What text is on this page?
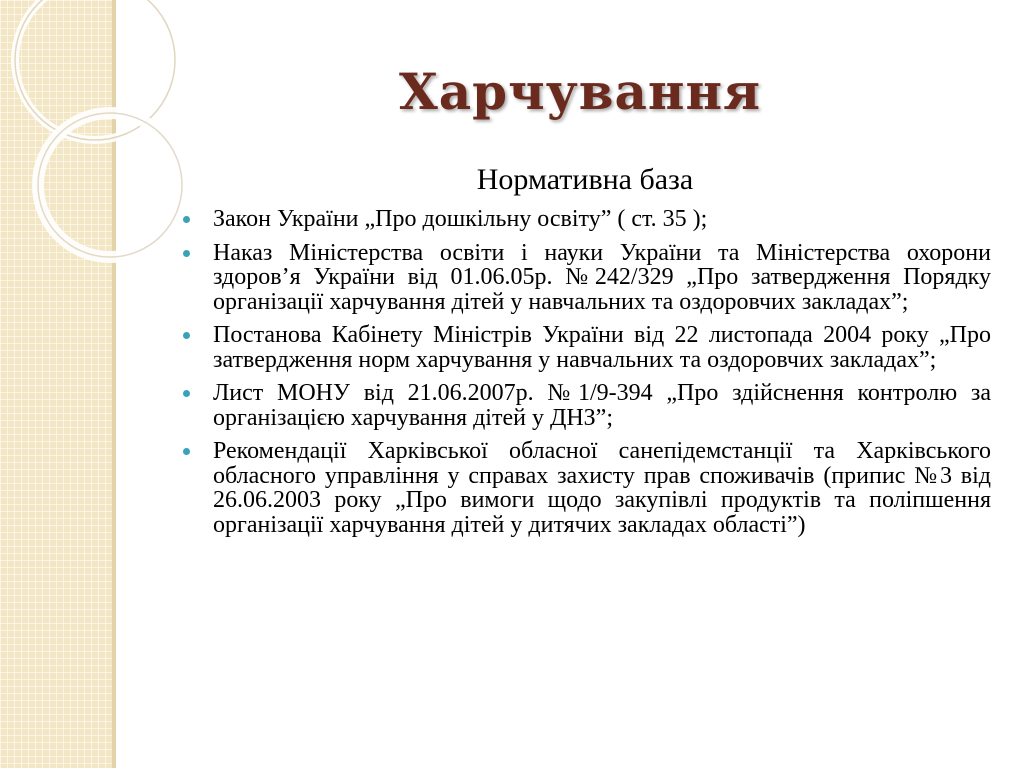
Харчування
Нормативна база
Закон України „Про дошкільну освіту” ( ст. 35 );
Наказ Міністерства освіти і науки України та Міністерства охорони здоров’я України від 01.06.05р. №242/329 „Про затвердження Порядку організації харчування дітей у навчальних та оздоровчих закладах”;
Постанова Кабінету Міністрів України від 22 листопада 2004 року „Про затвердження норм харчування у навчальних та оздоровчих закладах”;
Лист МОНУ від 21.06.2007р. №1/9-394 „Про здійснення контролю за організацією харчування дітей у ДНЗ”;
Рекомендації Харківської обласної санепідемстанції та Харківського обласного управління у справах захисту прав споживачів (припис №3 від 26.06.2003 року „Про вимоги щодо закупівлі продуктів та поліпшення організації харчування дітей у дитячих закладах області”)
